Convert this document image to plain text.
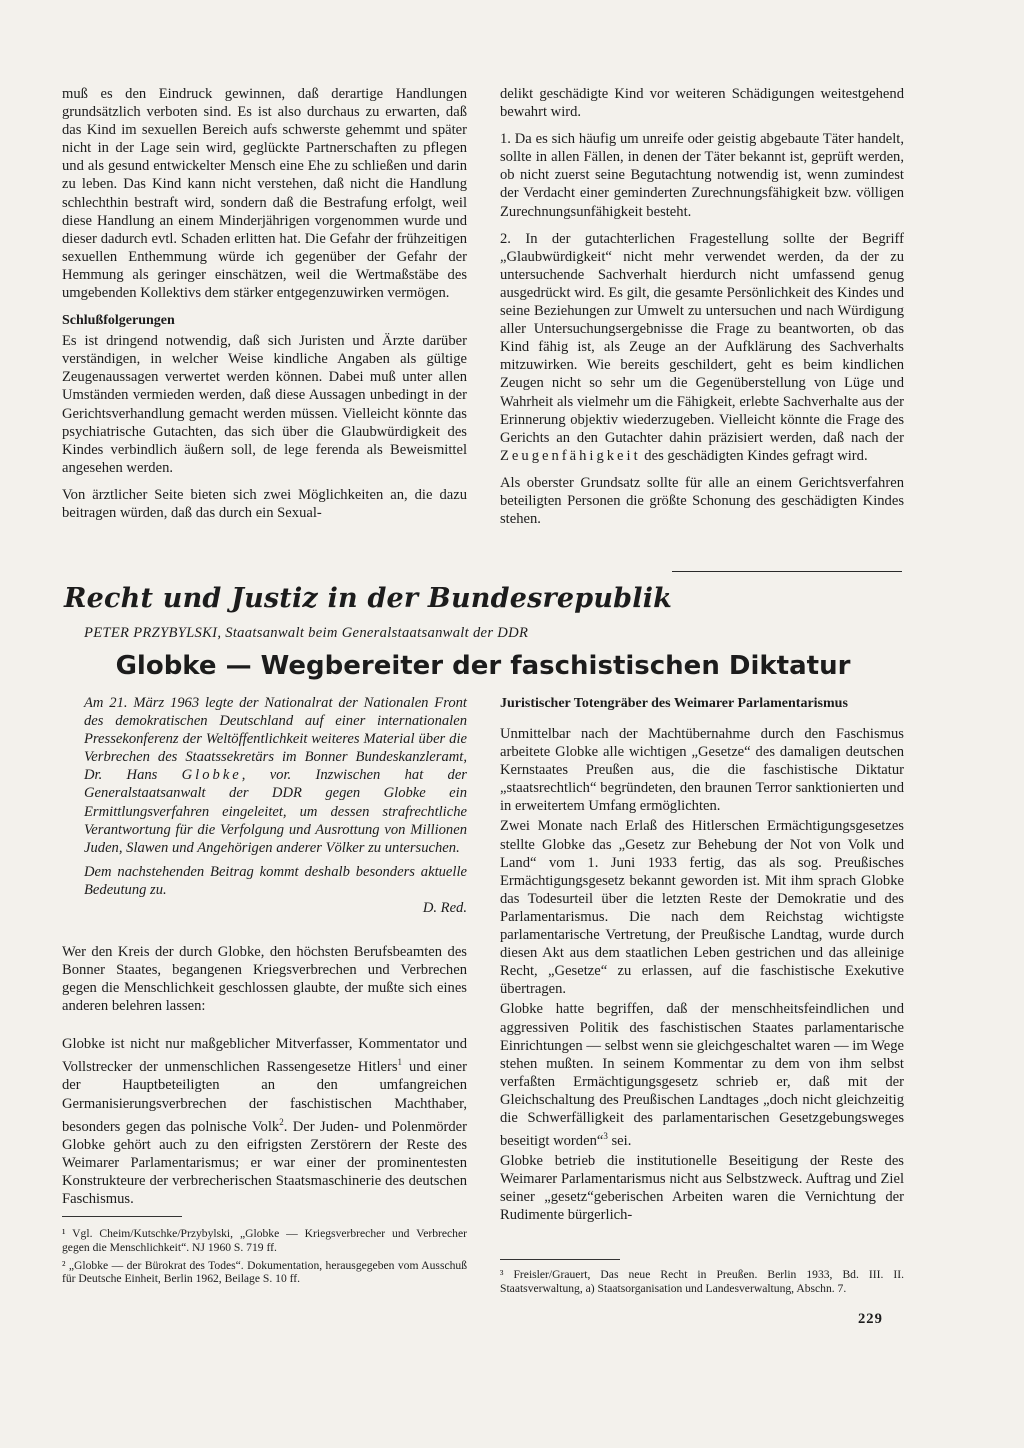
muß es den Eindruck gewinnen, daß derartige Handlungen grundsätzlich verboten sind. Es ist also durchaus zu erwarten, daß das Kind im sexuellen Bereich aufs schwerste gehemmt und später nicht in der Lage sein wird, geglückte Partnerschaften zu pflegen und als gesund entwickelter Mensch eine Ehe zu schließen und darin zu leben. Das Kind kann nicht verstehen, daß nicht die Handlung schlechthin bestraft wird, sondern daß die Bestrafung erfolgt, weil diese Handlung an einem Minderjährigen vorgenommen wurde und dieser dadurch evtl. Schaden erlitten hat. Die Gefahr der frühzeitigen sexuellen Enthemmung würde ich gegenüber der Gefahr der Hemmung als geringer einschätzen, weil die Wertmaßstäbe des umgebenden Kollektivs dem stärker entgegenzuwirken vermögen.

Schlußfolgerungen

Es ist dringend notwendig, daß sich Juristen und Ärzte darüber verständigen, in welcher Weise kindliche Angaben als gültige Zeugenaussagen verwertet werden können. Dabei muß unter allen Umständen vermieden werden, daß diese Aussagen unbedingt in der Gerichtsverhandlung gemacht werden müssen. Vielleicht könnte das psychiatrische Gutachten, das sich über die Glaubwürdigkeit des Kindes verbindlich äußern soll, de lege ferenda als Beweismittel angesehen werden.

Von ärztlicher Seite bieten sich zwei Möglichkeiten an, die dazu beitragen würden, daß das durch ein Sexual-

delikt geschädigte Kind vor weiteren Schädigungen weitestgehend bewahrt wird.

1. Da es sich häufig um unreife oder geistig abgebaute Täter handelt, sollte in allen Fällen, in denen der Täter bekannt ist, geprüft werden, ob nicht zuerst seine Begutachtung notwendig ist, wenn zumindest der Verdacht einer geminderten Zurechnungsfähigkeit bzw. völligen Zurechnungsunfähigkeit besteht.

2. In der gutachterlichen Fragestellung sollte der Begriff „Glaubwürdigkeit“ nicht mehr verwendet werden, da der zu untersuchende Sachverhalt hierdurch nicht umfassend genug ausgedrückt wird. Es gilt, die gesamte Persönlichkeit des Kindes und seine Beziehungen zur Umwelt zu untersuchen und nach Würdigung aller Untersuchungsergebnisse die Frage zu beantworten, ob das Kind fähig ist, als Zeuge an der Aufklärung des Sachverhalts mitzuwirken. Wie bereits geschildert, geht es beim kindlichen Zeugen nicht so sehr um die Gegenüberstellung von Lüge und Wahrheit als vielmehr um die Fähigkeit, erlebte Sachverhalte aus der Erinnerung objektiv wiederzugeben. Vielleicht könnte die Frage des Gerichts an den Gutachter dahin präzisiert werden, daß nach der Zeugenfähigkeit des geschädigten Kindes gefragt wird.

Als oberster Grundsatz sollte für alle an einem Gerichtsverfahren beteiligten Personen die größte Schonung des geschädigten Kindes stehen.

Recht und Justiz in der Bundesrepublik
PETER PRZYBYLSKI, Staatsanwalt beim Generalstaatsanwalt der DDR
Globke — Wegbereiter der faschistischen Diktatur

Am 21. März 1963 legte der Nationalrat der Nationalen Front des demokratischen Deutschland auf einer internationalen Pressekonferenz der Weltöffentlichkeit weiteres Material über die Verbrechen des Staatssekretärs im Bonner Bundeskanzleramt, Dr. Hans Globke, vor. Inzwischen hat der Generalstaatsanwalt der DDR gegen Globke ein Ermittlungsverfahren eingeleitet, um dessen strafrechtliche Verantwortung für die Verfolgung und Ausrottung von Millionen Juden, Slawen und Angehörigen anderer Völker zu untersuchen.

Dem nachstehenden Beitrag kommt deshalb besonders aktuelle Bedeutung zu.

D. Red.

Wer den Kreis der durch Globke, den höchsten Berufsbeamten des Bonner Staates, begangenen Kriegsverbrechen und Verbrechen gegen die Menschlichkeit geschlossen glaubte, der mußte sich eines anderen belehren lassen:

Globke ist nicht nur maßgeblicher Mitverfasser, Kommentator und Vollstrecker der unmenschlichen Rassengesetze Hitlers$^1$ und einer der Hauptbeteiligten an den umfangreichen Germanisierungsverbrechen der faschistischen Machthaber, besonders gegen das polnische Volk$^2$. Der Juden- und Polenmörder Globke gehört auch zu den eifrigsten Zerstörern der Reste des Weimarer Parlamentarismus; er war einer der prominentesten Konstrukteure der verbrecherischen Staatsmaschinerie des deutschen Faschismus.

Juristischer Totengräber des Weimarer Parlamentarismus

Unmittelbar nach der Machtübernahme durch den Faschismus arbeitete Globke alle wichtigen „Gesetze“ des damaligen deutschen Kernstaates Preußen aus, die die faschistische Diktatur „staatsrechtlich“ begründeten, den braunen Terror sanktionierten und in erweitertem Umfang ermöglichten.

Zwei Monate nach Erlaß des Hitlerschen Ermächtigungsgesetzes stellte Globke das „Gesetz zur Behebung der Not von Volk und Land“ vom 1. Juni 1933 fertig, das als sog. Preußisches Ermächtigungsgesetz bekannt geworden ist. Mit ihm sprach Globke das Todesurteil über die letzten Reste der Demokratie und des Parlamentarismus. Die nach dem Reichstag wichtigste parlamentarische Vertretung, der Preußische Landtag, wurde durch diesen Akt aus dem staatlichen Leben gestrichen und das alleinige Recht, „Gesetze“ zu erlassen, auf die faschistische Exekutive übertragen.

Globke hatte begriffen, daß der menschheitsfeindlichen und aggressiven Politik des faschistischen Staates parlamentarische Einrichtungen — selbst wenn sie gleichgeschaltet waren — im Wege stehen mußten. In seinem Kommentar zu dem von ihm selbst verfaßten Ermächtigungsgesetz schrieb er, daß mit der Gleichschaltung des Preußischen Landtages „doch nicht gleichzeitig die Schwerfälligkeit des parlamentarischen Gesetzgebungsweges beseitigt worden“$^3$ sei.

Globke betrieb die institutionelle Beseitigung der Reste des Weimarer Parlamentarismus nicht aus Selbstzweck. Auftrag und Ziel seiner „gesetz“geberischen Arbeiten waren die Vernichtung der Rudimente bürgerlich-

¹ Vgl. Cheim/Kutschke/Przybylski, „Globke — Kriegsverbrecher und Verbrecher gegen die Menschlichkeit“. NJ 1960 S. 719 ff.

² „Globke — der Bürokrat des Todes“. Dokumentation, herausgegeben vom Ausschuß für Deutsche Einheit, Berlin 1962, Beilage S. 10 ff.	³ Freisler/Grauert, Das neue Recht in Preußen. Berlin 1933, Bd. III. II. Staatsverwaltung, a) Staatsorganisation und Landesverwaltung, Abschn. 7.

229
